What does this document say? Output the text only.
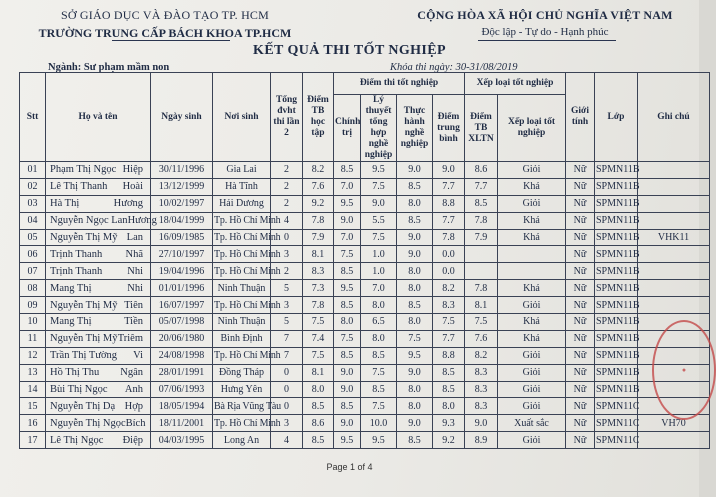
SỞ GIÁO DỤC VÀ ĐÀO TẠO TP. HCM
TRƯỜNG TRUNG CẤP BÁCH KHOA TP.HCM
CỘNG HÒA XÃ HỘI CHỦ NGHĨA VIỆT NAM
Độc lập - Tự do - Hạnh phúc
KẾT QUẢ THI TỐT NGHIỆP
Ngành: Sư phạm mầm non	Khóa thi ngày: 30-31/08/2019
Stt	Họ và tên	Ngày sinh	Nơi sinh	Tổng đvht thi lần 2	Điểm TB học tập	Điểm thi tốt nghiệp				Xếp loại tốt nghiệp		Giới tính	Lớp	Ghi chú
						Chính trị	Lý thuyết tổng hợp nghề nghiệp	Thực hành nghề nghiệp	Điểm trung bình	Điểm TB XLTN	Xếp loại tốt nghiệp			
01	Phạm Thị Ngọc Hiệp	30/11/1996	Gia Lai	2	8.2	8.5	9.5	9.0	9.0	8.6	Giỏi	Nữ	SPMN11B	
02	Lê Thị Thanh Hoài	13/12/1999	Hà Tĩnh	2	7.6	7.0	7.5	8.5	7.7	7.7	Khá	Nữ	SPMN11B	
03	Hà Thị Hương	10/02/1997	Hải Dương	2	9.2	9.5	9.0	8.0	8.8	8.5	Giỏi	Nữ	SPMN11B	
04	Nguyễn Ngọc Lan Hương	18/04/1999	Tp. Hồ Chí Minh	4	7.8	9.0	5.5	8.5	7.7	7.8	Khá	Nữ	SPMN11B	
05	Nguyễn Thị Mỹ Lan	16/09/1985	Tp. Hồ Chí Minh	0	7.9	7.0	7.5	9.0	7.8	7.9	Khá	Nữ	SPMN11B	VHK11
06	Trịnh Thanh Nhã	27/10/1997	Tp. Hồ Chí Minh	3	8.1	7.5	1.0	9.0	0.0			Nữ	SPMN11B	
07	Trịnh Thanh Nhi	19/04/1996	Tp. Hồ Chí Minh	2	8.3	8.5	1.0	8.0	0.0			Nữ	SPMN11B	
08	Mang Thị Nhi	01/01/1996	Ninh Thuận	5	7.3	9.5	7.0	8.0	8.2	7.8	Khá	Nữ	SPMN11B	
09	Nguyễn Thị Mỹ Tiên	16/07/1997	Tp. Hồ Chí Minh	3	7.8	8.5	8.0	8.5	8.3	8.1	Giỏi	Nữ	SPMN11B	
10	Mang Thị Tiền	05/07/1998	Ninh Thuận	5	7.5	8.0	6.5	8.0	7.5	7.5	Khá	Nữ	SPMN11B	
11	Nguyễn Thị Mỹ Triêm	20/06/1980	Bình Định	7	7.4	7.5	8.0	7.5	7.7	7.6	Khá	Nữ	SPMN11B	
12	Trần Thị Tường Vi	24/08/1998	Tp. Hồ Chí Minh	7	7.5	8.5	8.5	9.5	8.8	8.2	Giỏi	Nữ	SPMN11B	
13	Hồ Thị Thu Ngân	28/01/1991	Đồng Tháp	0	8.1	9.0	7.5	9.0	8.5	8.3	Giỏi	Nữ	SPMN11B	
14	Bùi Thị Ngọc Anh	07/06/1993	Hưng Yên	0	8.0	9.0	8.5	8.0	8.5	8.3	Giỏi	Nữ	SPMN11B	
15	Nguyễn Thị Dạ Hợp	18/05/1994	Bà Rịa Vũng Tàu	0	8.5	8.5	7.5	8.0	8.0	8.3	Giỏi	Nữ	SPMN11C	
16	Nguyễn Thị Ngọc Bích	18/11/2001	Tp. Hồ Chí Minh	3	8.6	9.0	10.0	9.0	9.3	9.0	Xuất sắc	Nữ	SPMN11C	VH70
17	Lê Thị Ngọc Điệp	04/03/1995	Long An	4	8.5	9.5	9.5	8.5	9.2	8.9	Giỏi	Nữ	SPMN11C	
●
Page 1 of 4
